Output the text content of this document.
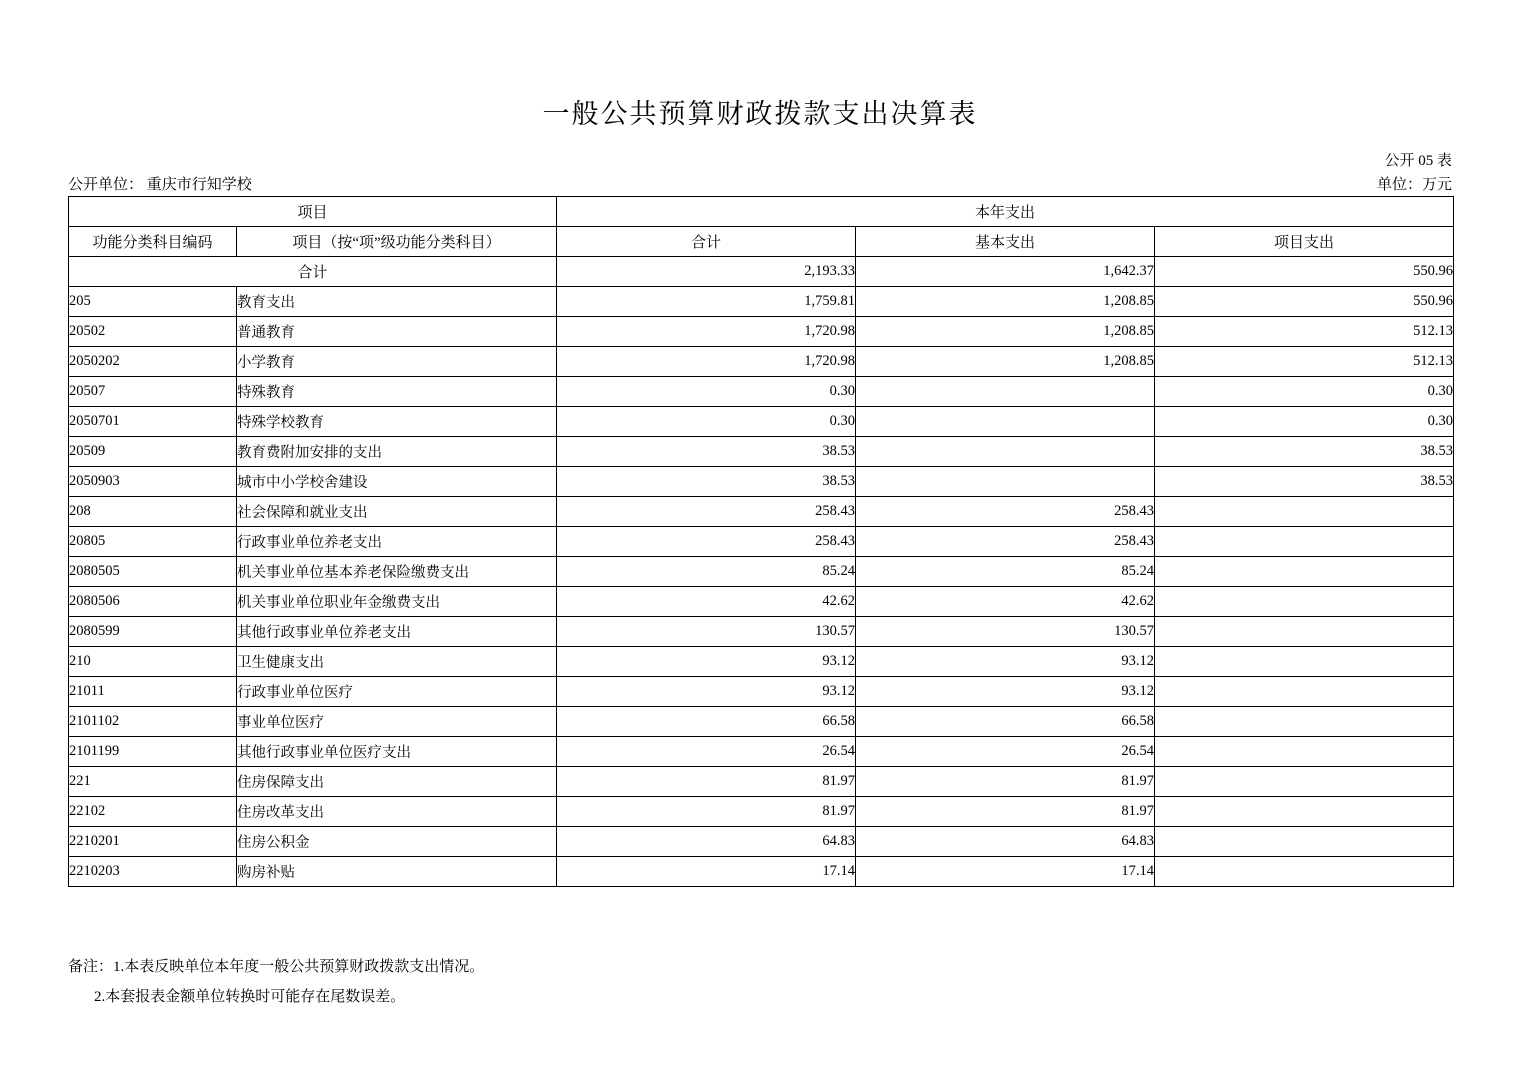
一般公共预算财政拨款支出决算表
公开 05 表
公开单位： 重庆市行知学校	单位：万元
项目		本年支出		
功能分类科目编码	项目（按“项”级功能分类科目）	合计	基本支出	项目支出
合计		2,193.33	1,642.37	550.96
205	教育支出	1,759.81	1,208.85	550.96
20502	普通教育	1,720.98	1,208.85	512.13
2050202	小学教育	1,720.98	1,208.85	512.13
20507	特殊教育	0.30		0.30
2050701	特殊学校教育	0.30		0.30
20509	教育费附加安排的支出	38.53		38.53
2050903	城市中小学校舍建设	38.53		38.53
208	社会保障和就业支出	258.43	258.43	
20805	行政事业单位养老支出	258.43	258.43	
2080505	机关事业单位基本养老保险缴费支出	85.24	85.24	
2080506	机关事业单位职业年金缴费支出	42.62	42.62	
2080599	其他行政事业单位养老支出	130.57	130.57	
210	卫生健康支出	93.12	93.12	
21011	行政事业单位医疗	93.12	93.12	
2101102	事业单位医疗	66.58	66.58	
2101199	其他行政事业单位医疗支出	26.54	26.54	
221	住房保障支出	81.97	81.97	
22102	住房改革支出	81.97	81.97	
2210201	住房公积金	64.83	64.83	
2210203	购房补贴	17.14	17.14	
备注：1.本表反映单位本年度一般公共预算财政拨款支出情况。
2.本套报表金额单位转换时可能存在尾数误差。
